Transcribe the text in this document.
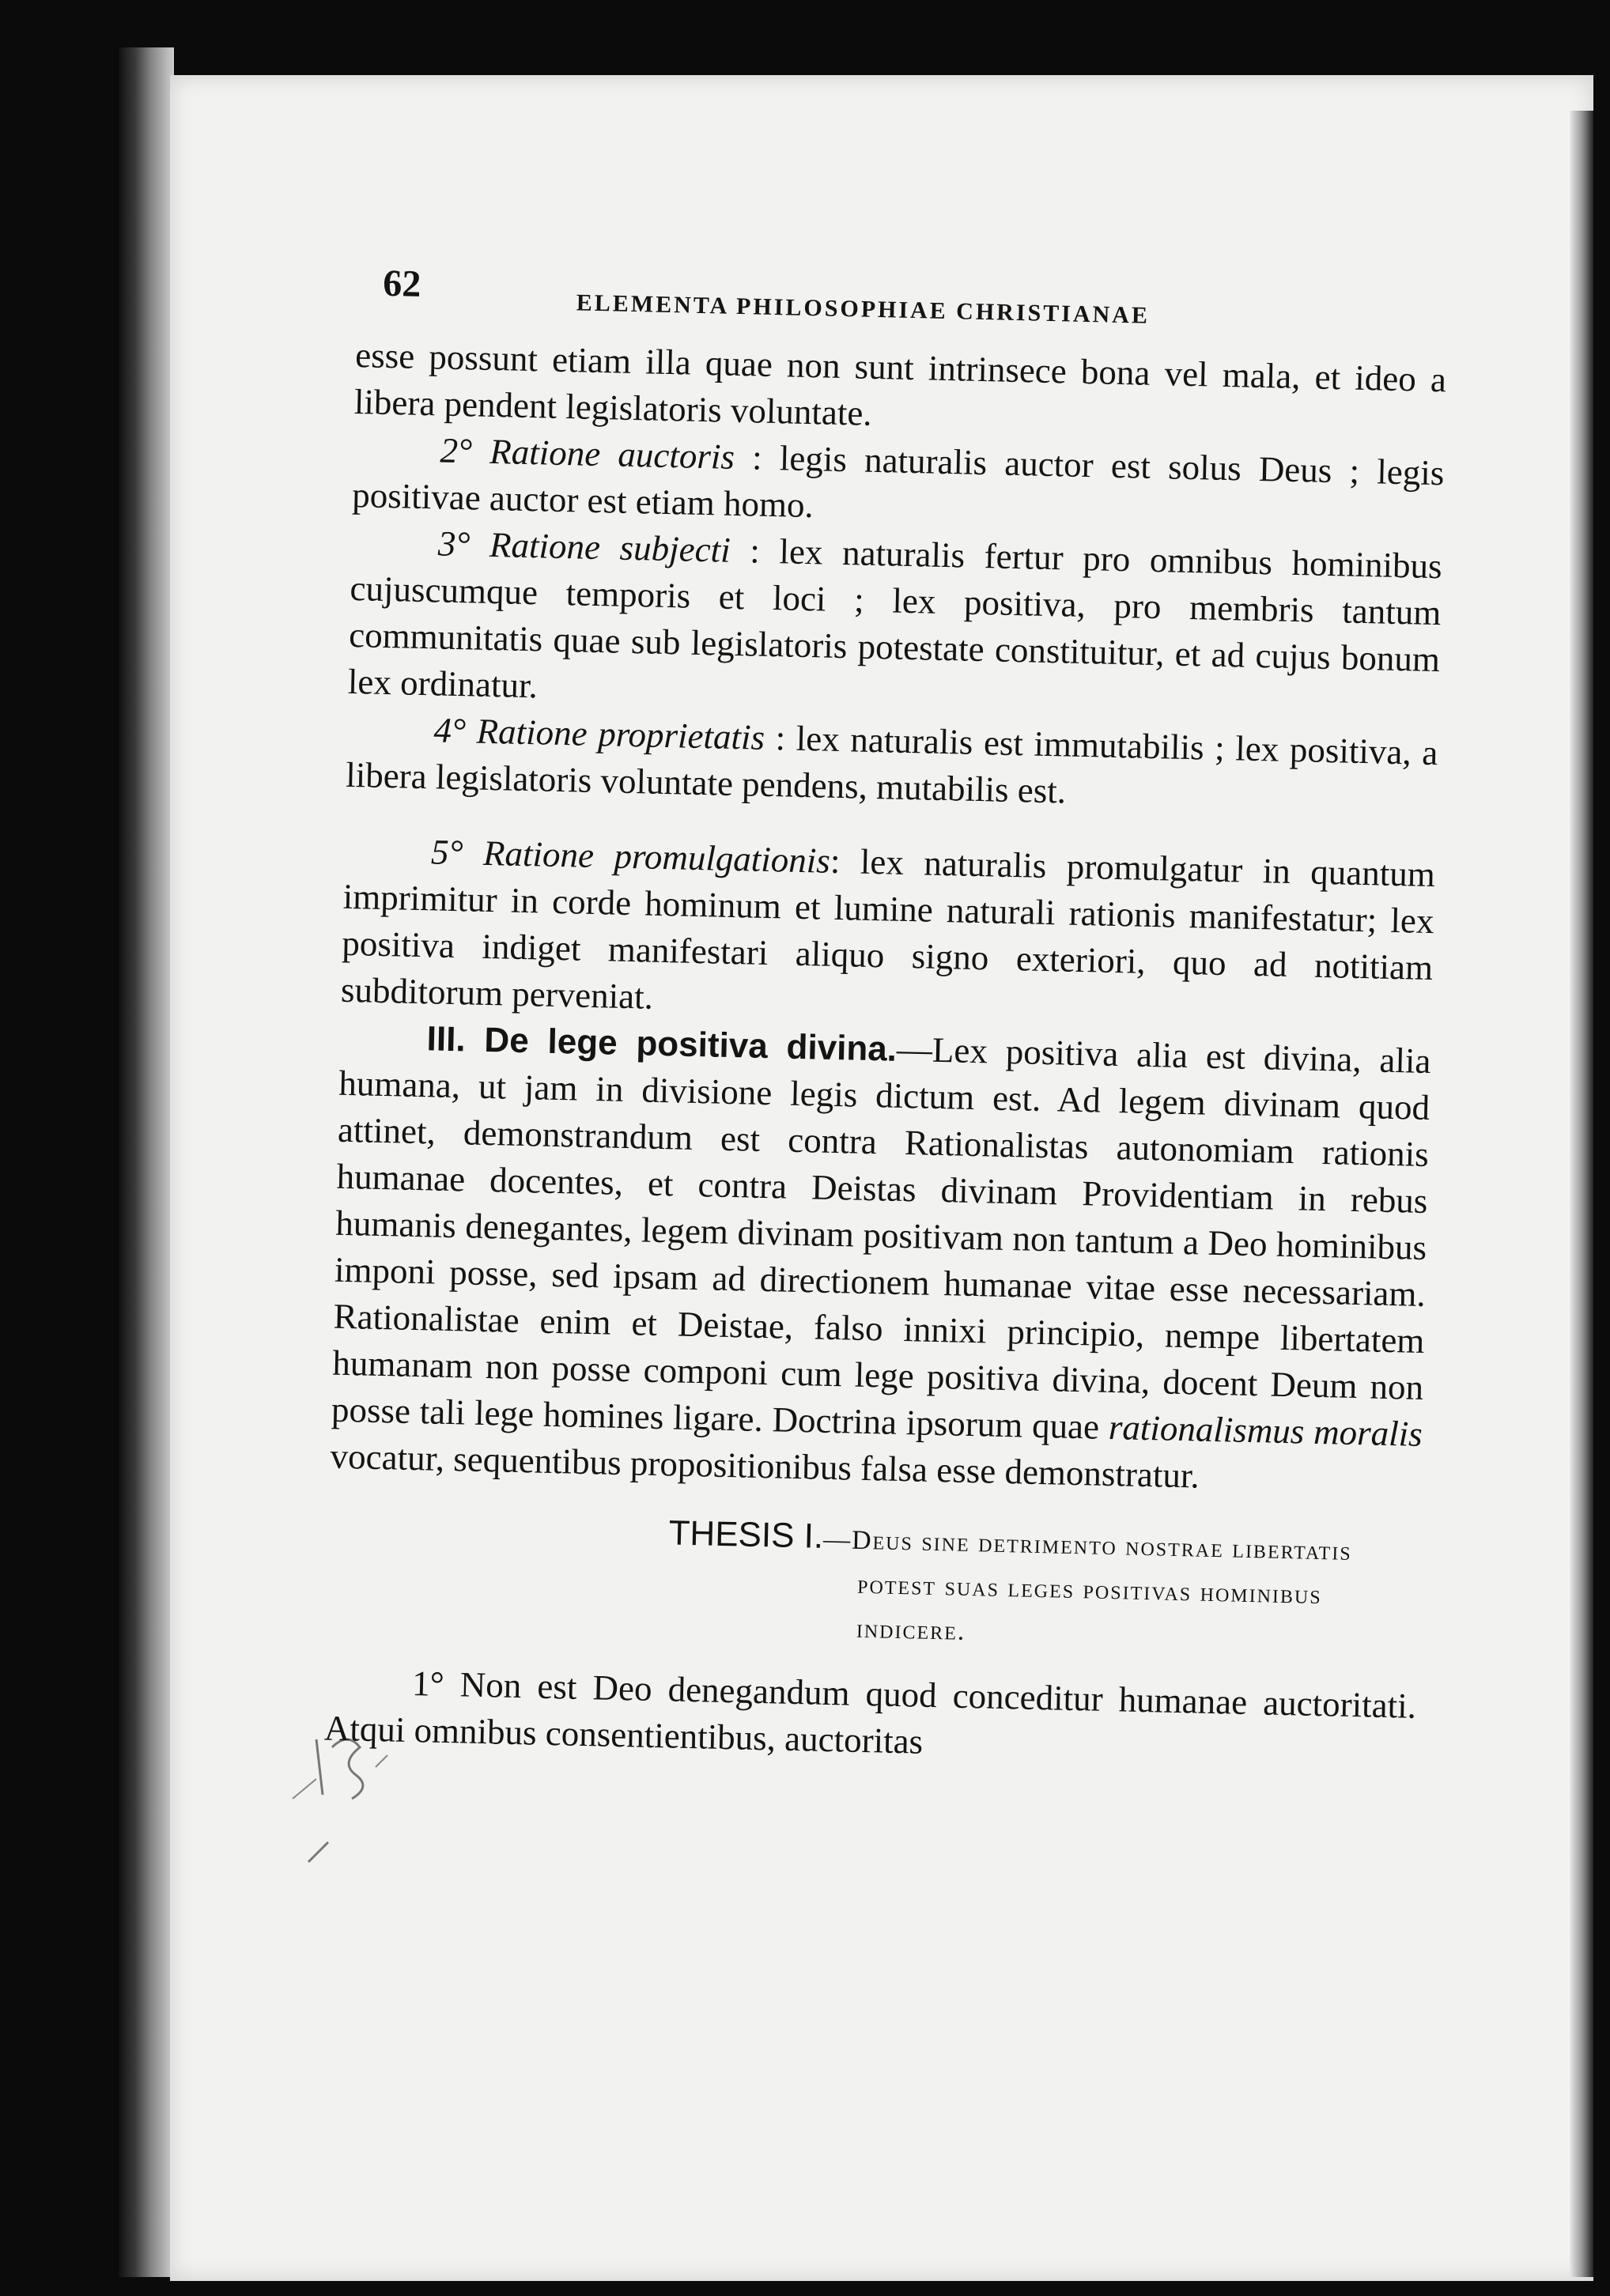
62
ELEMENTA PHILOSOPHIAE CHRISTIANAE

esse possunt etiam illa quae non sunt intrinsece bona vel mala, et ideo a libera pendent legislatoris voluntate.

2° Ratione auctoris : legis naturalis auctor est solus Deus ; legis positivae auctor est etiam homo.

3° Ratione subjecti : lex naturalis fertur pro omnibus hominibus cujuscumque temporis et loci ; lex positiva, pro membris tantum communitatis quae sub legislatoris potestate constituitur, et ad cujus bonum lex ordinatur.

4° Ratione proprietatis : lex naturalis est immutabilis ; lex positiva, a libera legislatoris voluntate pendens, mutabilis est.

5° Ratione promulgationis: lex naturalis promulgatur in quantum imprimitur in corde hominum et lumine naturali rationis manifestatur; lex positiva indiget manifestari aliquo signo exteriori, quo ad notitiam subditorum perveniat.

III. De lege positiva divina.—Lex positiva alia est divina, alia humana, ut jam in divisione legis dictum est. Ad legem divinam quod attinet, demonstrandum est contra Rationalistas autonomiam rationis humanae docentes, et contra Deistas divinam Providentiam in rebus humanis denegantes, legem divinam positivam non tantum a Deo hominibus imponi posse, sed ipsam ad directionem humanae vitae esse necessariam. Rationalistae enim et Deistae, falso innixi principio, nempe libertatem humanam non posse componi cum lege positiva divina, docent Deum non posse tali lege homines ligare. Doctrina ipsorum quae rationalismus moralis vocatur, sequentibus propositionibus falsa esse demonstratur.

THESIS I.—Deus sine detrimento nostrae libertatis potest suas leges positivas hominibus indicere.

1° Non est Deo denegandum quod conceditur humanae auctoritati. Atqui omnibus consentientibus, auctoritas
